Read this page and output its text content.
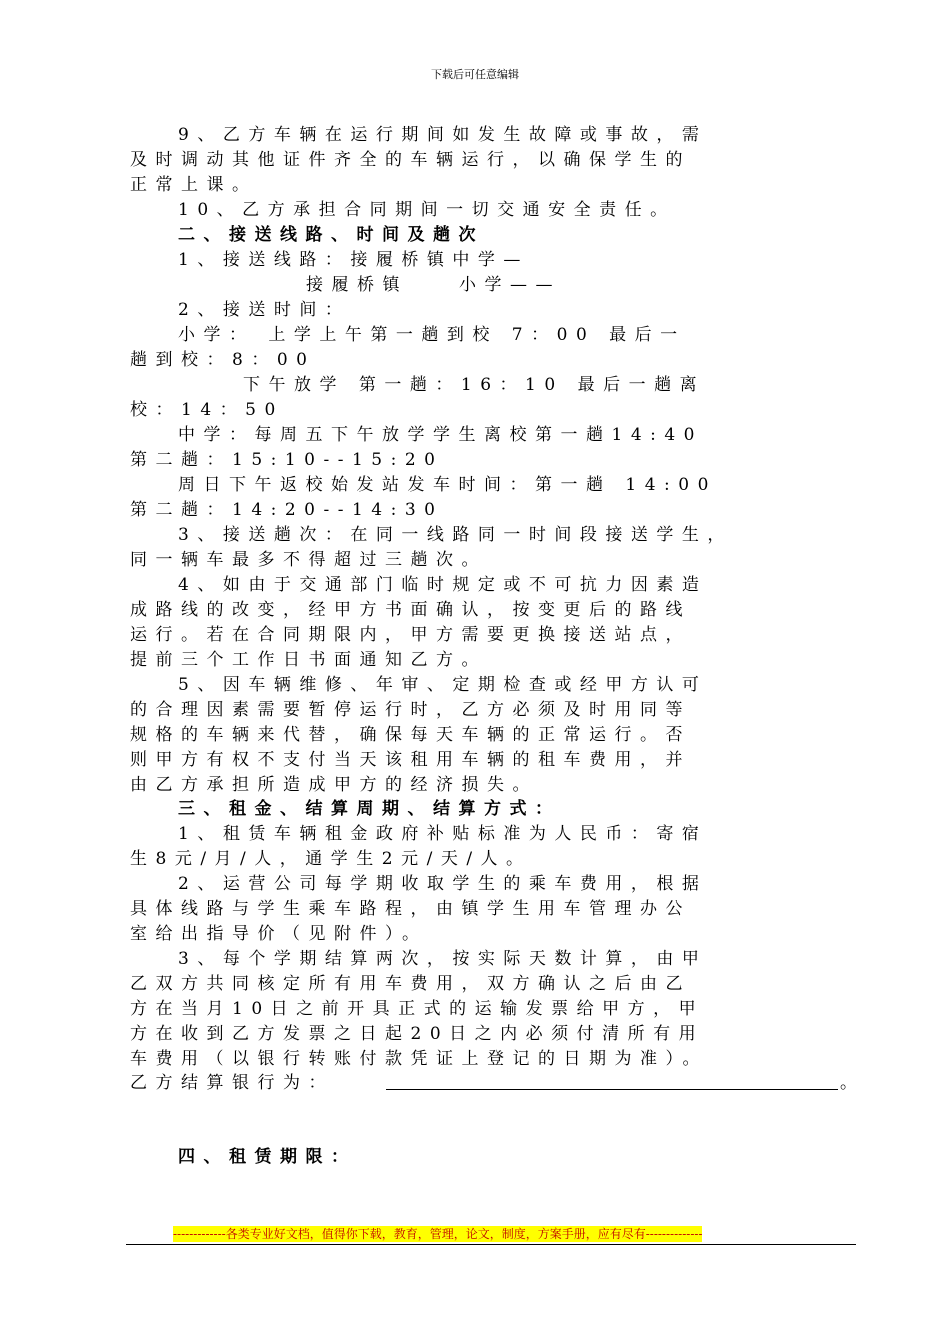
下载后可任意编辑
9、乙方车辆在运行期间如发生故障或事故，需
及时调动其他证件齐全的车辆运行，以确保学生的
正常上课。
10、乙方承担合同期间一切交通安全责任。
二、接送线路、时间及趟次
1、接送线路：接履桥镇中学—
接履桥镇　　小学——
2、接送时间：
小学： 上学上午第一趟到校 7：00 最后一
趟到校：8：00
下午放学 第一趟：16：10 最后一趟离
校：14：50
中学：每周五下午放学学生离校第一趟14:40
第二趟：15:10--15:20
周日下午返校始发站发车时间：第一趟 14:00
第二趟：14:20--14:30
3、接送趟次：在同一线路同一时间段接送学生，
同一辆车最多不得超过三趟次。
4、如由于交通部门临时规定或不可抗力因素造
成路线的改变，经甲方书面确认，按变更后的路线
运行。若在合同期限内，甲方需要更换接送站点，
提前三个工作日书面通知乙方。
5、因车辆维修、年审、定期检查或经甲方认可
的合理因素需要暂停运行时，乙方必须及时用同等
规格的车辆来代替，确保每天车辆的正常运行。否
则甲方有权不支付当天该租用车辆的租车费用，并
由乙方承担所造成甲方的经济损失。
三、租金、结算周期、结算方式：
1、租赁车辆租金政府补贴标准为人民币：寄宿
生8元/月/人，通学生2元/天/人。
2、运营公司每学期收取学生的乘车费用，根据
具体线路与学生乘车路程，由镇学生用车管理办公
室给出指导价（见附件）。
3、每个学期结算两次，按实际天数计算，由甲
乙双方共同核定所有用车费用，双方确认之后由乙
方在当月10日之前开具正式的运输发票给甲方，甲
方在收到乙方发票之日起20日之内必须付清所有用
车费用（以银行转账付款凭证上登记的日期为准）。
乙方结算银行为：	。
四、租赁期限：
-------------各类专业好文档，值得你下载，教育，管理，论文，制度，方案手册，应有尽有--------------
